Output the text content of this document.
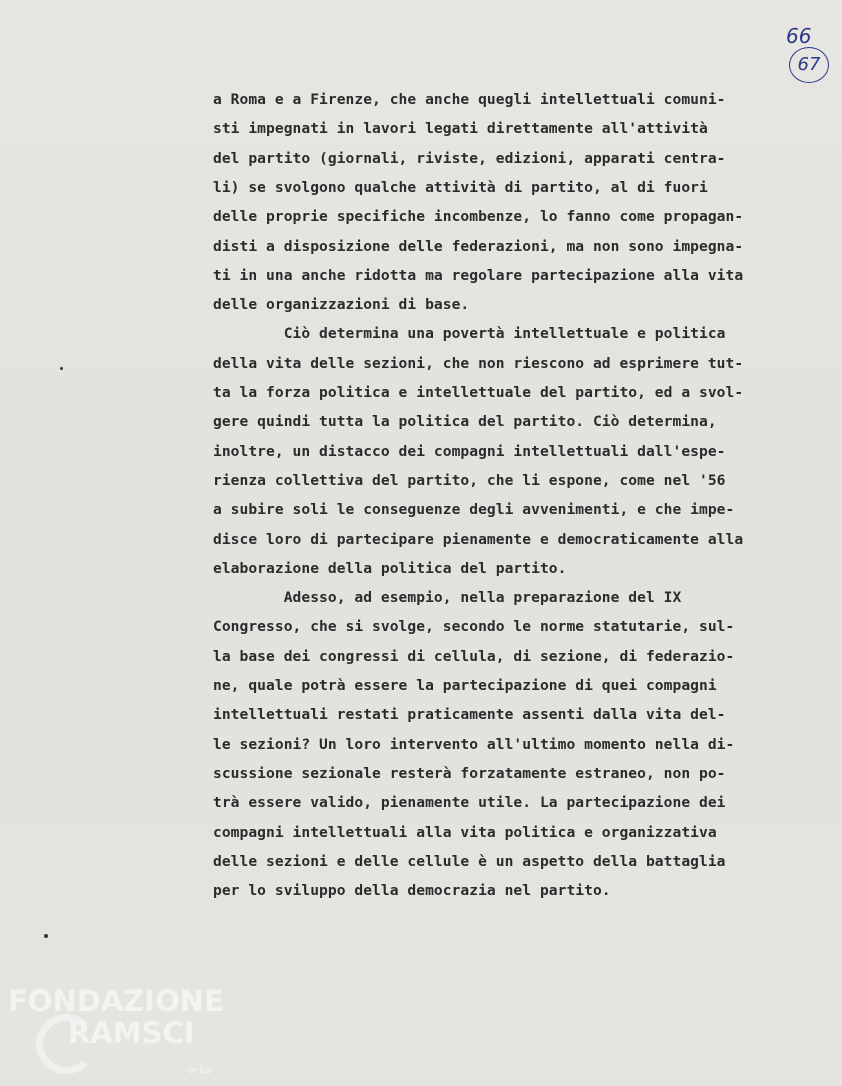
66
67
a Roma e a Firenze, che anche quegli intellettuali comuni-
sti impegnati in lavori legati direttamente all'attività
del partito (giornali, riviste, edizioni, apparati centra-
li) se svolgono qualche attività di partito, al di fuori
delle proprie specifiche incombenze, lo fanno come propagan-
disti a disposizione delle federazioni, ma non sono impegna-
ti in una anche ridotta ma regolare partecipazione alla vita
delle organizzazioni di base.
Ciò determina una povertà intellettuale e politica
della vita delle sezioni, che non riescono ad esprimere tut-
ta la forza politica e intellettuale del partito, ed a svol-
gere quindi tutta la politica del partito. Ciò determina,
inoltre, un distacco dei compagni intellettuali dall'espe-
rienza collettiva del partito, che li espone, come nel '56
a subire soli le conseguenze degli avvenimenti, e che impe-
disce loro di partecipare pienamente e democraticamente alla
elaborazione della politica del partito.
Adesso, ad esempio, nella preparazione del IX
Congresso, che si svolge, secondo le norme statutarie, sul-
la base dei congressi di cellula, di sezione, di federazio-
ne, quale potrà essere la partecipazione di quei compagni
intellettuali restati praticamente assenti dalla vita del-
le sezioni? Un loro intervento all'ultimo momento nella di-
scussione sezionale resterà forzatamente estraneo, non po-
trà essere valido, pienamente utile. La partecipazione dei
compagni intellettuali alla vita politica e organizzativa
delle sezioni e delle cellule è un aspetto della battaglia
per lo sviluppo della democrazia nel partito.
FONDAZIONE
RAMSCI
onlus
